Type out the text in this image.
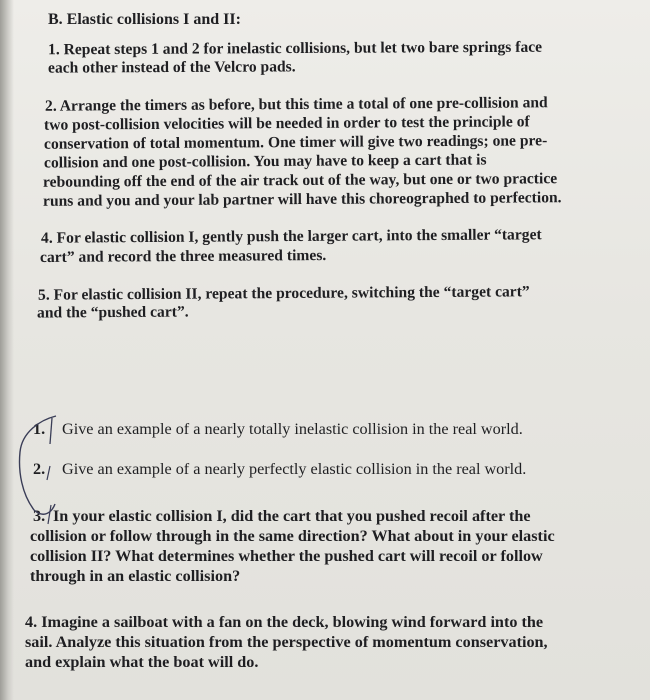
B. Elastic collisions I and II:

1. Repeat steps 1 and 2 for inelastic collisions, but let two bare springs face

each other instead of the Velcro pads.

2. Arrange the timers as before, but this time a total of one pre-collision and

two post-collision velocities will be needed in order to test the principle of

conservation of total momentum. One timer will give two readings; one pre-

collision and one post-collision. You may have to keep a cart that is

rebounding off the end of the air track out of the way, but one or two practice

runs and you and your lab partner will have this choreographed to perfection.

4. For elastic collision I, gently push the larger cart, into the smaller “target

cart” and record the three measured times.

5. For elastic collision II, repeat the procedure, switching the “target cart”

and the “pushed cart”.

1. Give an example of a nearly totally inelastic collision in the real world.

2. Give an example of a nearly perfectly elastic collision in the real world.

3. In your elastic collision I, did the cart that you pushed recoil after the

collision or follow through in the same direction? What about in your elastic

collision II? What determines whether the pushed cart will recoil or follow

through in an elastic collision?

4. Imagine a sailboat with a fan on the deck, blowing wind forward into the

sail. Analyze this situation from the perspective of momentum conservation,

and explain what the boat will do.
